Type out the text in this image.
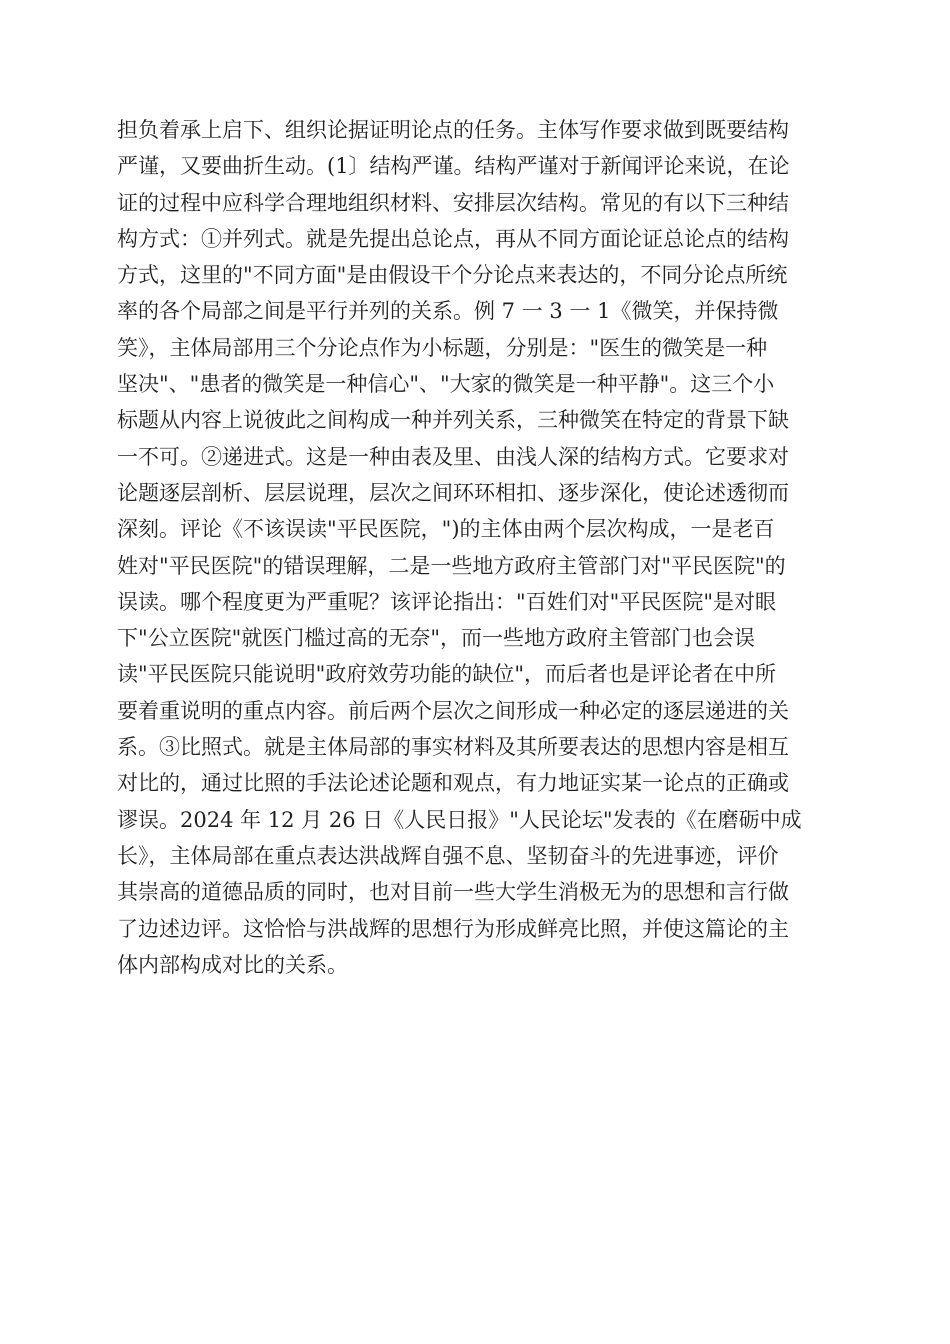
担负着承上启下、组织论据证明论点的任务。主体写作要求做到既要结构
严谨，又要曲折生动。(1〕结构严谨。结构严谨对于新闻评论来说，在论
证的过程中应科学合理地组织材料、安排层次结构。常见的有以下三种结
构方式：①并列式。就是先提出总论点，再从不同方面论证总论点的结构
方式，这里的"不同方面"是由假设干个分论点来表达的，不同分论点所统
率的各个局部之间是平行并列的关系。例 7 一 3 一 1《微笑，并保持微
笑》，主体局部用三个分论点作为小标题，分别是："医生的微笑是一种
坚决"、"患者的微笑是一种信心"、"大家的微笑是一种平静"。这三个小
标题从内容上说彼此之间构成一种并列关系，三种微笑在特定的背景下缺
一不可。②递进式。这是一种由表及里、由浅人深的结构方式。它要求对
论题逐层剖析、层层说理，层次之间环环相扣、逐步深化，使论述透彻而
深刻。评论《不该误读"平民医院，")的主体由两个层次构成，一是老百
姓对"平民医院"的错误理解，二是一些地方政府主管部门对"平民医院"的
误读。哪个程度更为严重呢？该评论指出："百姓们对"平民医院"是对眼
下"公立医院"就医门槛过高的无奈"，而一些地方政府主管部门也会误
读"平民医院只能说明"政府效劳功能的缺位"，而后者也是评论者在中所
要着重说明的重点内容。前后两个层次之间形成一种必定的逐层递进的关
系。③比照式。就是主体局部的事实材料及其所要表达的思想内容是相互
对比的，通过比照的手法论述论题和观点，有力地证实某一论点的正确或
谬误。2024 年 12 月 26 日《人民日报》"人民论坛"发表的《在磨砺中成
长》，主体局部在重点表达洪战辉自强不息、坚韧奋斗的先进事迹，评价
其崇高的道德品质的同时，也对目前一些大学生消极无为的思想和言行做
了边述边评。这恰恰与洪战辉的思想行为形成鲜亮比照，并使这篇论的主
体内部构成对比的关系。
